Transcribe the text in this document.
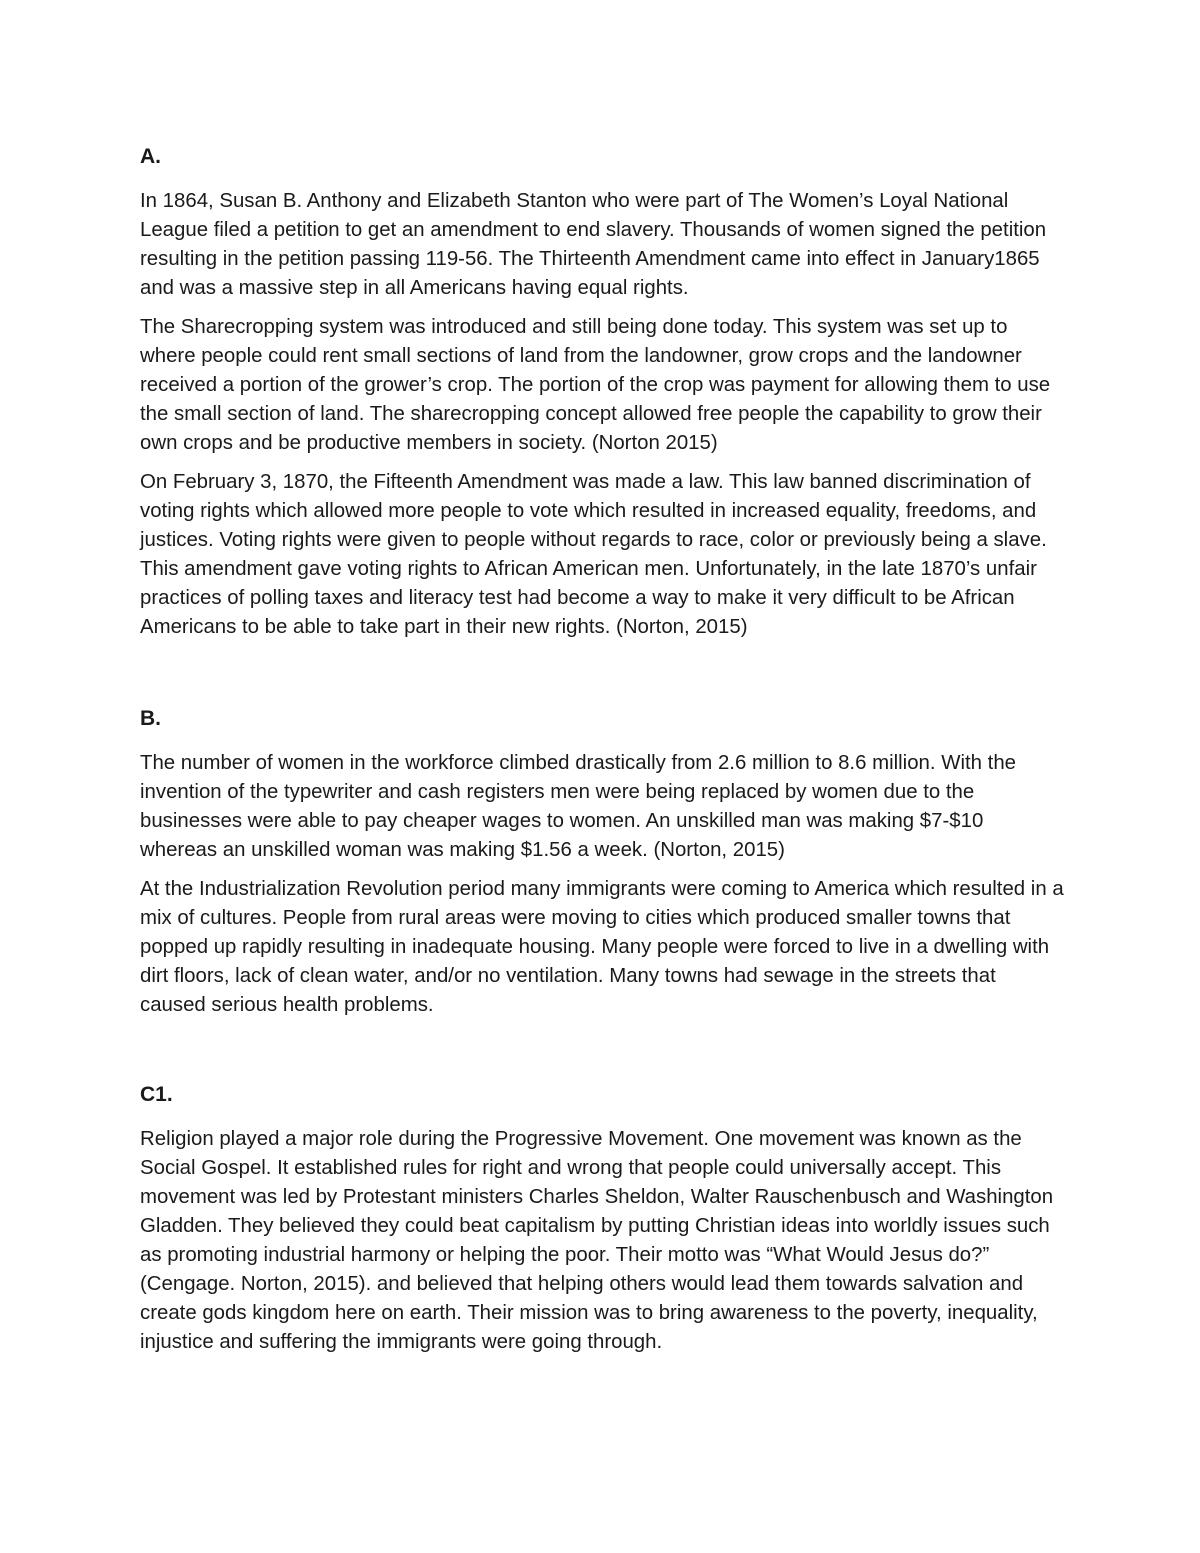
A.

In 1864, Susan B. Anthony and Elizabeth Stanton who were part of The Women’s Loyal National League filed a petition to get an amendment to end slavery. Thousands of women signed the petition resulting in the petition passing 119-56. The Thirteenth Amendment came into effect in January1865 and was a massive step in all Americans having equal rights.

The Sharecropping system was introduced and still being done today. This system was set up to where people could rent small sections of land from the landowner, grow crops and the landowner received a portion of the grower’s crop. The portion of the crop was payment for allowing them to use the small section of land. The sharecropping concept allowed free people the capability to grow their own crops and be productive members in society. (Norton 2015)

On February 3, 1870, the Fifteenth Amendment was made a law. This law banned discrimination of voting rights which allowed more people to vote which resulted in increased equality, freedoms, and justices. Voting rights were given to people without regards to race, color or previously being a slave. This amendment gave voting rights to African American men. Unfortunately, in the late 1870’s unfair practices of polling taxes and literacy test had become a way to make it very difficult to be African Americans to be able to take part in their new rights. (Norton, 2015)

B.

The number of women in the workforce climbed drastically from 2.6 million to 8.6 million. With the invention of the typewriter and cash registers men were being replaced by women due to the businesses were able to pay cheaper wages to women. An unskilled man was making $7-$10 whereas an unskilled woman was making $1.56 a week. (Norton, 2015)

At the Industrialization Revolution period many immigrants were coming to America which resulted in a mix of cultures. People from rural areas were moving to cities which produced smaller towns that popped up rapidly resulting in inadequate housing. Many people were forced to live in a dwelling with dirt floors, lack of clean water, and/or no ventilation. Many towns had sewage in the streets that caused serious health problems.

C1.

Religion played a major role during the Progressive Movement. One movement was known as the Social Gospel. It established rules for right and wrong that people could universally accept. This movement was led by Protestant ministers Charles Sheldon, Walter Rauschenbusch and Washington Gladden. They believed they could beat capitalism by putting Christian ideas into worldly issues such as promoting industrial harmony or helping the poor. Their motto was “What Would Jesus do?” (Cengage. Norton, 2015). and believed that helping others would lead them towards salvation and create gods kingdom here on earth. Their mission was to bring awareness to the poverty, inequality, injustice and suffering the immigrants were going through.
